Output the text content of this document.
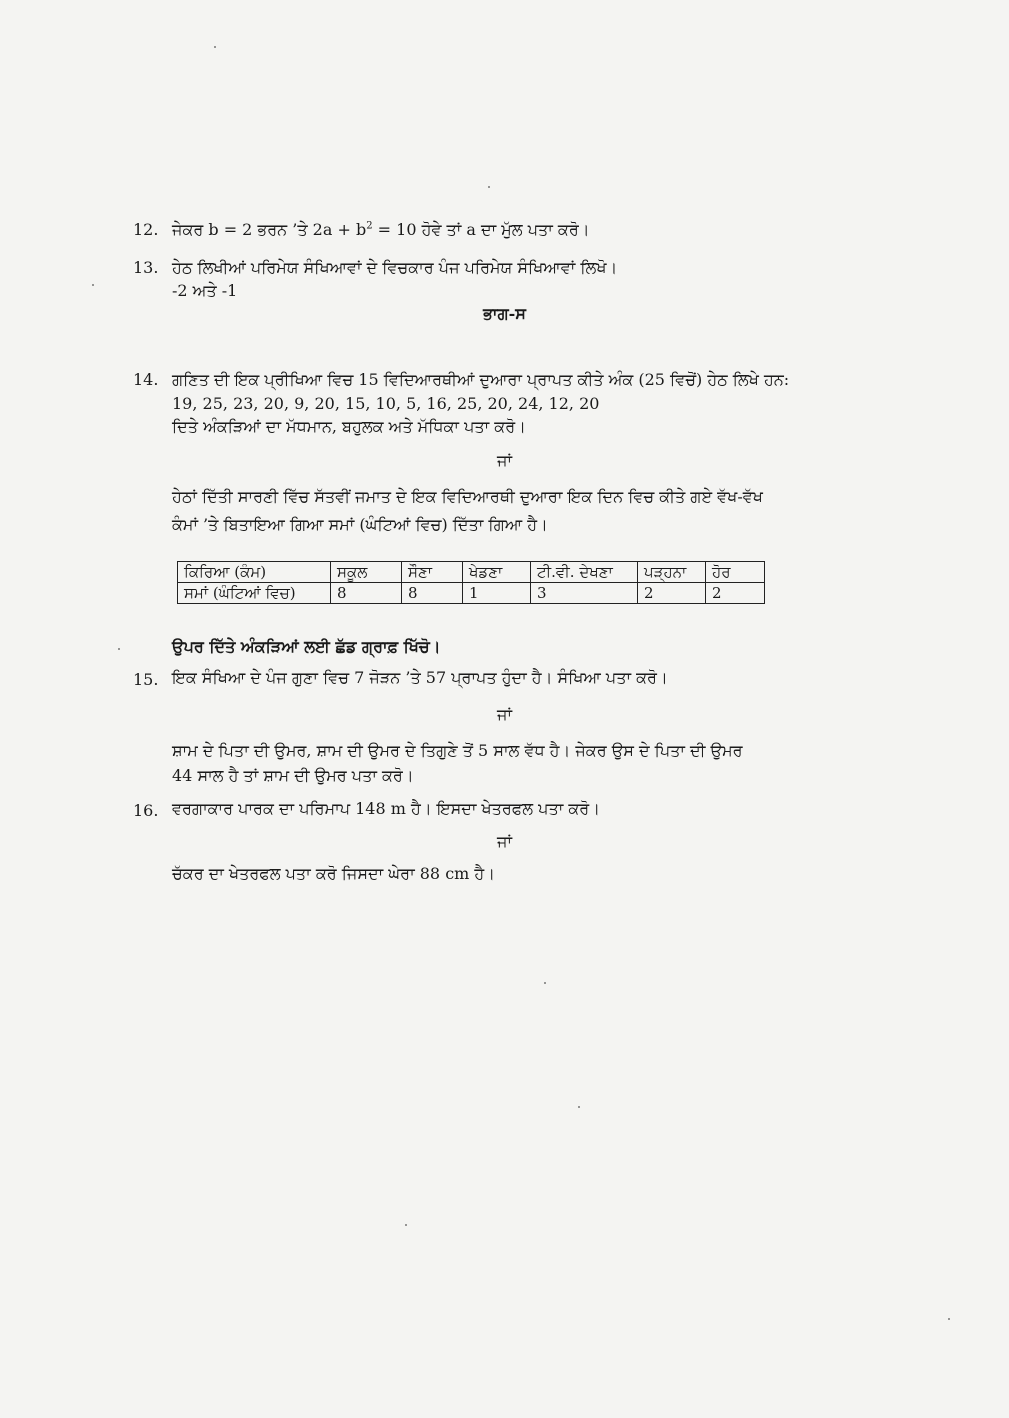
12. ਜੇਕਰ b = 2 ਭਰਨ ’ਤੇ $2a + b^2 = 10$ ਹੋਵੇ ਤਾਂ a ਦਾ ਮੁੱਲ ਪਤਾ ਕਰੋ।
13. ਹੇਠ ਲਿਖੀਆਂ ਪਰਿਮੇਯ ਸੰਖਿਆਵਾਂ ਦੇ ਵਿਚਕਾਰ ਪੰਜ ਪਰਿਮੇਯ ਸੰਖਿਆਵਾਂ ਲਿਖੋ।
-2 ਅਤੇ -1
ਭਾਗ-ਸ
14. ਗਣਿਤ ਦੀ ਇਕ ਪ੍ਰੀਖਿਆ ਵਿਚ 15 ਵਿਦਿਆਰਥੀਆਂ ਦੁਆਰਾ ਪ੍ਰਾਪਤ ਕੀਤੇ ਅੰਕ (25 ਵਿਚੋਂ) ਹੇਠ ਲਿਖੇ ਹਨ:
19, 25, 23, 20, 9, 20, 15, 10, 5, 16, 25, 20, 24, 12, 20
ਦਿਤੇ ਅੰਕੜਿਆਂ ਦਾ ਮੱਧਮਾਨ, ਬਹੁਲਕ ਅਤੇ ਮੱਧਿਕਾ ਪਤਾ ਕਰੋ।
ਜਾਂ
ਹੇਠਾਂ ਦਿੱਤੀ ਸਾਰਣੀ ਵਿੱਚ ਸੱਤਵੀਂ ਜਮਾਤ ਦੇ ਇਕ ਵਿਦਿਆਰਥੀ ਦੁਆਰਾ ਇਕ ਦਿਨ ਵਿਚ ਕੀਤੇ ਗਏ ਵੱਖ-ਵੱਖ
ਕੰਮਾਂ ’ਤੇ ਬਿਤਾਇਆ ਗਿਆ ਸਮਾਂ (ਘੰਟਿਆਂ ਵਿਚ) ਦਿੱਤਾ ਗਿਆ ਹੈ।
ਕਿਰਿਆ (ਕੰਮ)	ਸਕੂਲ	ਸੌਣਾ	ਖੇਡਣਾ	ਟੀ.ਵੀ. ਦੇਖਣਾ	ਪੜ੍ਹਨਾ	ਹੋਰ
ਸਮਾਂ (ਘੰਟਿਆਂ ਵਿਚ)	8	8	1	3	2	2
ਉਪਰ ਦਿੱਤੇ ਅੰਕੜਿਆਂ ਲਈ ਛੱਡ ਗ੍ਰਾਫ਼ ਖਿੱਚੋ।
15. ਇਕ ਸੰਖਿਆ ਦੇ ਪੰਜ ਗੁਣਾ ਵਿਚ 7 ਜੋੜਨ ’ਤੇ 57 ਪ੍ਰਾਪਤ ਹੁੰਦਾ ਹੈ। ਸੰਖਿਆ ਪਤਾ ਕਰੋ।
ਜਾਂ
ਸ਼ਾਮ ਦੇ ਪਿਤਾ ਦੀ ਉਮਰ, ਸ਼ਾਮ ਦੀ ਉਮਰ ਦੇ ਤਿਗੁਣੇ ਤੋਂ 5 ਸਾਲ ਵੱਧ ਹੈ। ਜੇਕਰ ਉਸ ਦੇ ਪਿਤਾ ਦੀ ਉਮਰ
44 ਸਾਲ ਹੈ ਤਾਂ ਸ਼ਾਮ ਦੀ ਉਮਰ ਪਤਾ ਕਰੋ।
16. ਵਰਗਾਕਾਰ ਪਾਰਕ ਦਾ ਪਰਿਮਾਪ 148 m ਹੈ। ਇਸਦਾ ਖੇਤਰਫਲ ਪਤਾ ਕਰੋ।
ਜਾਂ
ਚੱਕਰ ਦਾ ਖੇਤਰਫਲ ਪਤਾ ਕਰੋ ਜਿਸਦਾ ਘੇਰਾ 88 cm ਹੈ।
